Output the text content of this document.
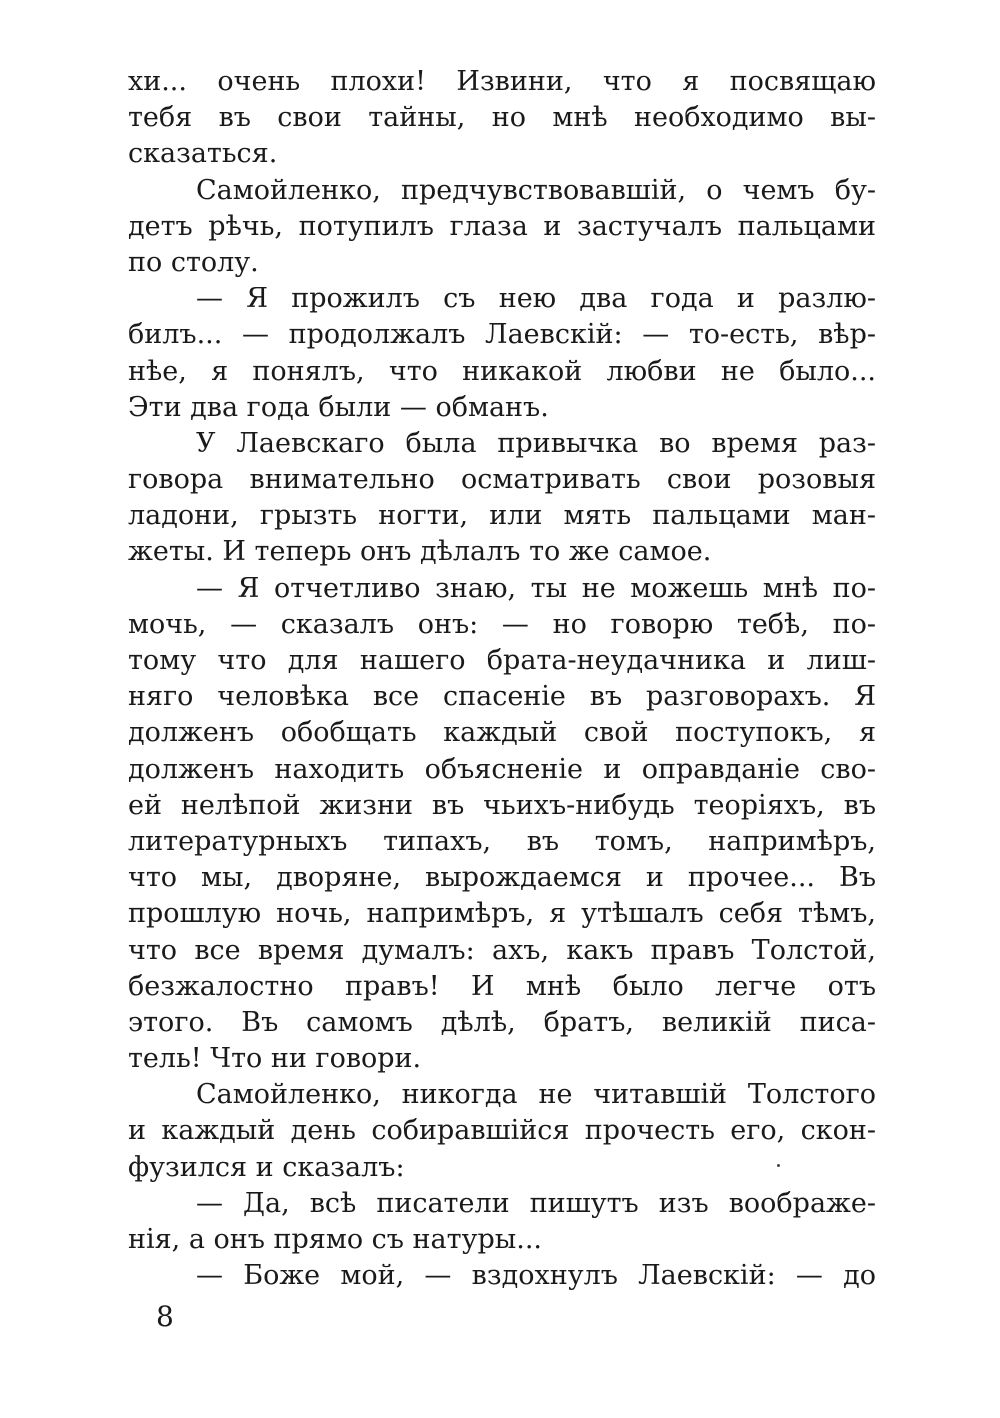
хи... очень плохи! Извини, что я посвящаю
тебя въ свои тайны, но мнѣ необходимо вы-
сказаться.
Самойленко, предчувствовавшій, о чемъ бу-
детъ рѣчь, потупилъ глаза и застучалъ пальцами
по столу.
— Я прожилъ съ нею два года и разлю-
билъ... — продолжалъ Лаевскій: — то-есть, вѣр-
нѣе, я понялъ, что никакой любви не было...
Эти два года были — обманъ.
У Лаевскаго была привычка во время раз-
говора внимательно осматривать свои розовыя
ладони, грызть ногти, или мять пальцами ман-
жеты. И теперь онъ дѣлалъ то же самое.
— Я отчетливо знаю, ты не можешь мнѣ по-
мочь, — сказалъ онъ: — но говорю тебѣ, по-
тому что для нашего брата-неудачника и лиш-
няго человѣка все спасеніе въ разговорахъ. Я
долженъ обобщать каждый свой поступокъ, я
долженъ находить объясненіе и оправданіе сво-
ей нелѣпой жизни въ чьихъ-нибудь теоріяхъ, въ
литературныхъ типахъ, въ томъ, напримѣръ,
что мы, дворяне, вырождаемся и прочее... Въ
прошлую ночь, напримѣръ, я утѣшалъ себя тѣмъ,
что все время думалъ: ахъ, какъ правъ Толстой,
безжалостно правъ! И мнѣ было легче отъ
этого. Въ самомъ дѣлѣ, братъ, великій писа-
тель! Что ни говори.
Самойленко, никогда не читавшій Толстого
и каждый день собиравшійся прочесть его, скон-
фузился и сказалъ:
— Да, всѣ писатели пишутъ изъ воображе-
нія, а онъ прямо съ натуры...
— Боже мой, — вздохнулъ Лаевскій: — до
8
